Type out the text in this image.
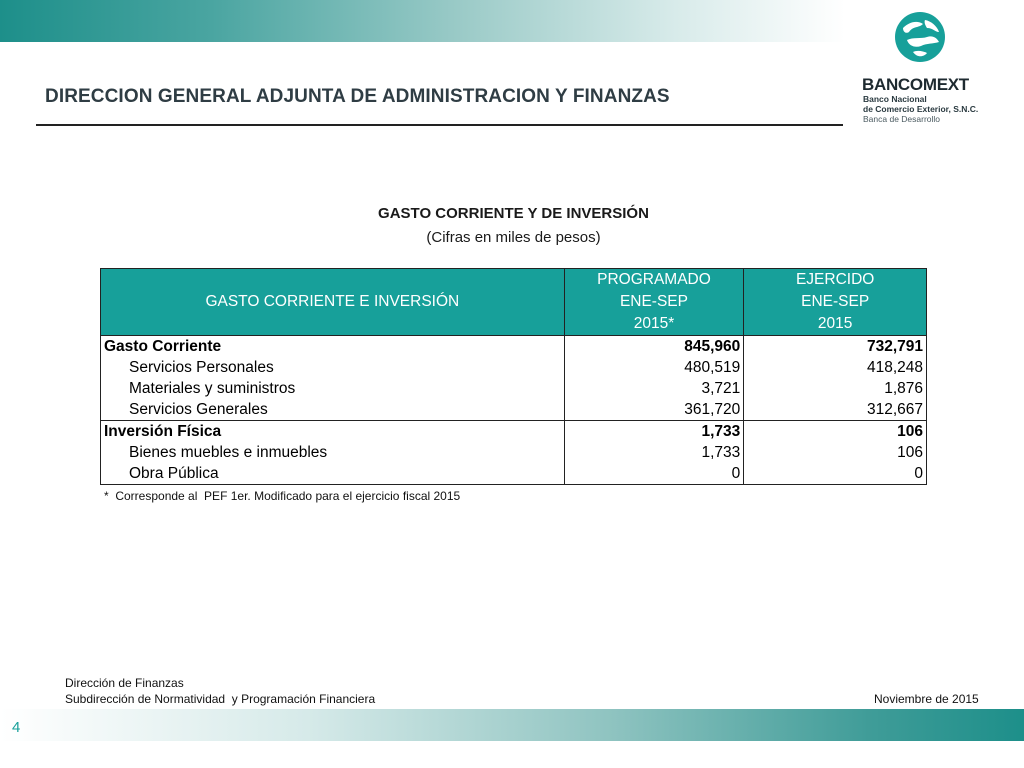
DIRECCION GENERAL ADJUNTA DE ADMINISTRACION Y FINANZAS
BANCOMEXT
Banco Nacional
de Comercio Exterior, S.N.C.
Banca de Desarrollo
GASTO CORRIENTE Y DE INVERSIÓN
(Cifras en miles de pesos)
GASTO CORRIENTE E INVERSIÓN	PROGRAMADO	EJERCIDO
	ENE-SEP	ENE-SEP
	2015*	2015
Gasto Corriente	845,960	732,791
Servicios Personales	480,519	418,248
Materiales y suministros	3,721	1,876
Servicios Generales	361,720	312,667
Inversión Física	1,733	106
Bienes muebles e inmuebles	1,733	106
Obra Pública	0	0
*  Corresponde al  PEF 1er. Modificado para el ejercicio fiscal 2015
Dirección de Finanzas
Subdirección de Normatividad  y Programación Financiera	Noviembre de 2015
4
